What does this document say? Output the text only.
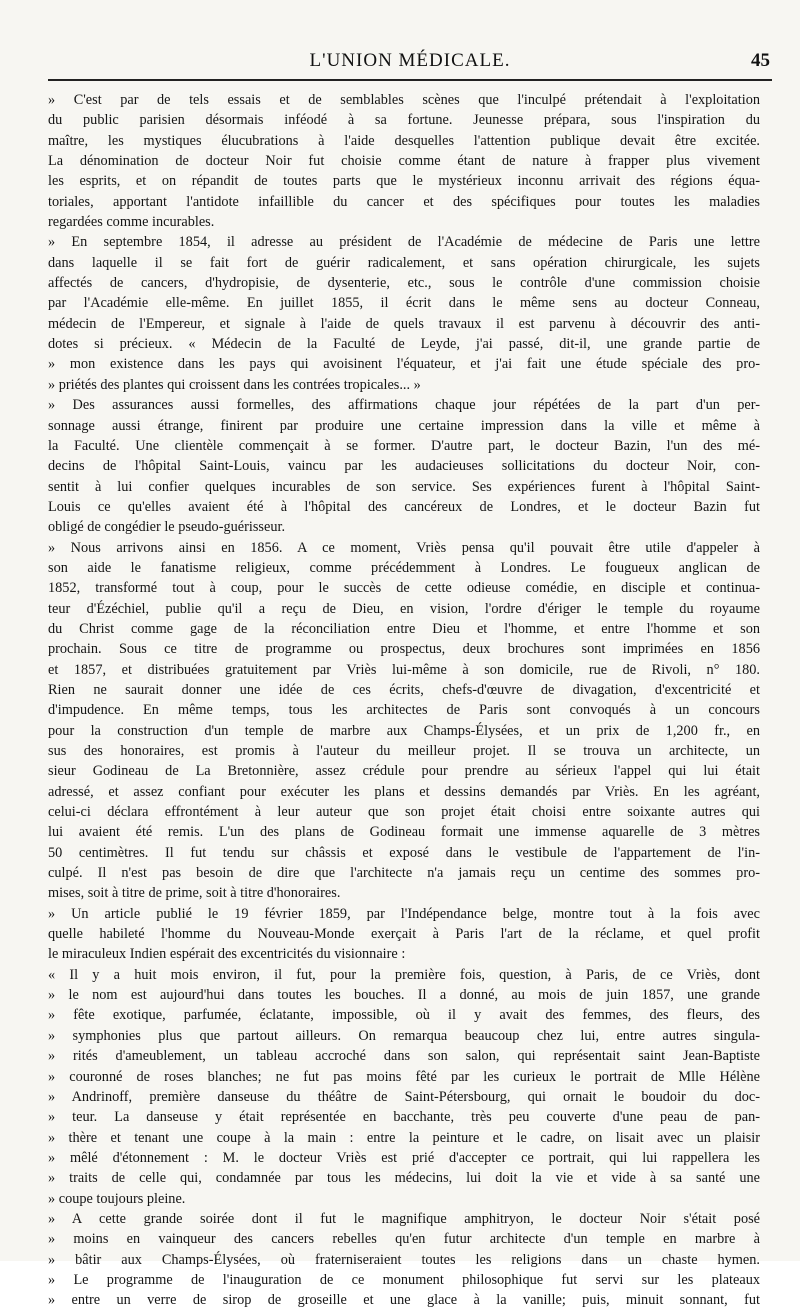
L'UNION MÉDICALE.	45
» C'est par de tels essais et de semblables scènes que l'inculpé prétendait à l'exploitation
du public parisien désormais inféodé à sa fortune. Jeunesse prépara, sous l'inspiration du
maître, les mystiques élucubrations à l'aide desquelles l'attention publique devait être excitée.
La dénomination de docteur Noir fut choisie comme étant de nature à frapper plus vivement
les esprits, et on répandit de toutes parts que le mystérieux inconnu arrivait des régions équa-
toriales, apportant l'antidote infaillible du cancer et des spécifiques pour toutes les maladies
regardées comme incurables.
» En septembre 1854, il adresse au président de l'Académie de médecine de Paris une lettre
dans laquelle il se fait fort de guérir radicalement, et sans opération chirurgicale, les sujets
affectés de cancers, d'hydropisie, de dysenterie, etc., sous le contrôle d'une commission choisie
par l'Académie elle-même. En juillet 1855, il écrit dans le même sens au docteur Conneau,
médecin de l'Empereur, et signale à l'aide de quels travaux il est parvenu à découvrir des anti-
dotes si précieux. « Médecin de la Faculté de Leyde, j'ai passé, dit-il, une grande partie de
» mon existence dans les pays qui avoisinent l'équateur, et j'ai fait une étude spéciale des pro-
» priétés des plantes qui croissent dans les contrées tropicales... »
» Des assurances aussi formelles, des affirmations chaque jour répétées de la part d'un per-
sonnage aussi étrange, finirent par produire une certaine impression dans la ville et même à
la Faculté. Une clientèle commençait à se former. D'autre part, le docteur Bazin, l'un des mé-
decins de l'hôpital Saint-Louis, vaincu par les audacieuses sollicitations du docteur Noir, con-
sentit à lui confier quelques incurables de son service. Ses expériences furent à l'hôpital Saint-
Louis ce qu'elles avaient été à l'hôpital des cancéreux de Londres, et le docteur Bazin fut
obligé de congédier le pseudo-guérisseur.
» Nous arrivons ainsi en 1856. A ce moment, Vriès pensa qu'il pouvait être utile d'appeler à
son aide le fanatisme religieux, comme précédemment à Londres. Le fougueux anglican de
1852, transformé tout à coup, pour le succès de cette odieuse comédie, en disciple et continua-
teur d'Ézéchiel, publie qu'il a reçu de Dieu, en vision, l'ordre d'ériger le temple du royaume
du Christ comme gage de la réconciliation entre Dieu et l'homme, et entre l'homme et son
prochain. Sous ce titre de programme ou prospectus, deux brochures sont imprimées en 1856
et 1857, et distribuées gratuitement par Vriès lui-même à son domicile, rue de Rivoli, n° 180.
Rien ne saurait donner une idée de ces écrits, chefs-d'œuvre de divagation, d'excentricité et
d'impudence. En même temps, tous les architectes de Paris sont convoqués à un concours
pour la construction d'un temple de marbre aux Champs-Élysées, et un prix de 1,200 fr., en
sus des honoraires, est promis à l'auteur du meilleur projet. Il se trouva un architecte, un
sieur Godineau de La Bretonnière, assez crédule pour prendre au sérieux l'appel qui lui était
adressé, et assez confiant pour exécuter les plans et dessins demandés par Vriès. En les agréant,
celui-ci déclara effrontément à leur auteur que son projet était choisi entre soixante autres qui
lui avaient été remis. L'un des plans de Godineau formait une immense aquarelle de 3 mètres
50 centimètres. Il fut tendu sur châssis et exposé dans le vestibule de l'appartement de l'in-
culpé. Il n'est pas besoin de dire que l'architecte n'a jamais reçu un centime des sommes pro-
mises, soit à titre de prime, soit à titre d'honoraires.
» Un article publié le 19 février 1859, par l'Indépendance belge, montre tout à la fois avec
quelle habileté l'homme du Nouveau-Monde exerçait à Paris l'art de la réclame, et quel profit
le miraculeux Indien espérait des excentricités du visionnaire :
« Il y a huit mois environ, il fut, pour la première fois, question, à Paris, de ce Vriès, dont
» le nom est aujourd'hui dans toutes les bouches. Il a donné, au mois de juin 1857, une grande
» fête exotique, parfumée, éclatante, impossible, où il y avait des femmes, des fleurs, des
» symphonies plus que partout ailleurs. On remarqua beaucoup chez lui, entre autres singula-
» rités d'ameublement, un tableau accroché dans son salon, qui représentait saint Jean-Baptiste
» couronné de roses blanches; ne fut pas moins fêté par les curieux le portrait de Mlle Hélène
» Andrinoff, première danseuse du théâtre de Saint-Pétersbourg, qui ornait le boudoir du doc-
» teur. La danseuse y était représentée en bacchante, très peu couverte d'une peau de pan-
» thère et tenant une coupe à la main : entre la peinture et le cadre, on lisait avec un plaisir
» mêlé d'étonnement : M. le docteur Vriès est prié d'accepter ce portrait, qui lui rappellera les
» traits de celle qui, condamnée par tous les médecins, lui doit la vie et vide à sa santé une
» coupe toujours pleine.
» A cette grande soirée dont il fut le magnifique amphitryon, le docteur Noir s'était posé
» moins en vainqueur des cancers rebelles qu'en futur architecte d'un temple en marbre à
» bâtir aux Champs-Élysées, où fraterniseraient toutes les religions dans un chaste hymen.
» Le programme de l'inauguration de ce monument philosophique fut servi sur les plateaux
» entre un verre de sirop de groseille et une glace à la vanille; puis, minuit sonnant, fut
